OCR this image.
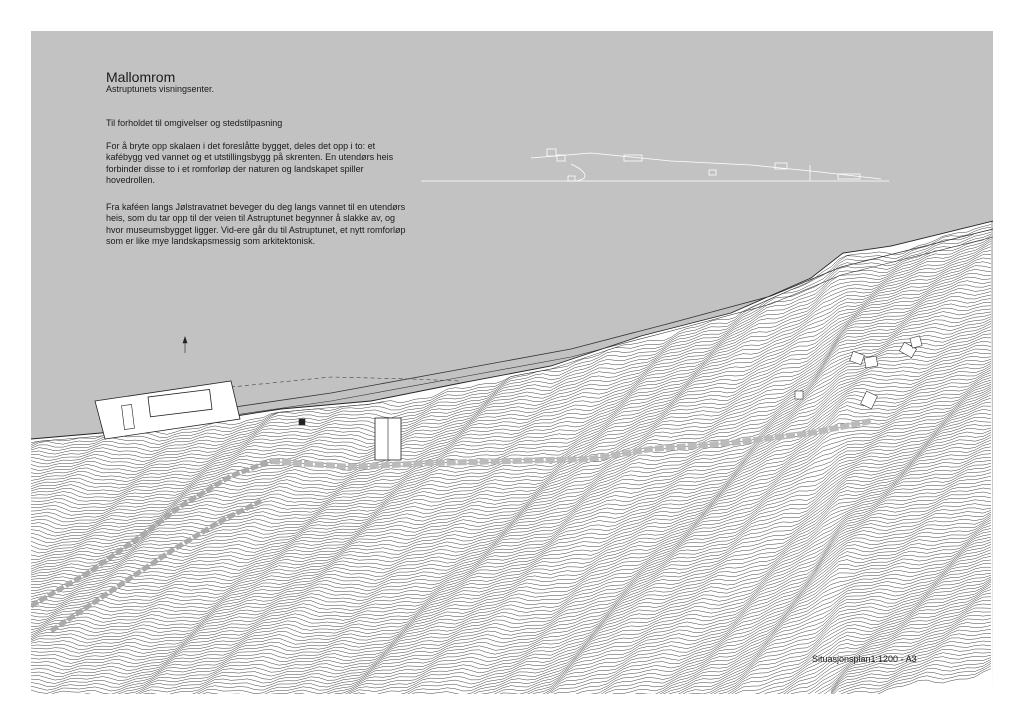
Mallomrom
Astruptunets visningsenter.
Til forholdet til omgivelser og stedstilpasning
For å bryte opp skalaen i det foreslåtte bygget, deles det opp i to: et kafébygg ved vannet og et utstillingsbygg på skrenten. En utendørs heis forbinder disse to i et romforløp der naturen og landskapet spiller hovedrollen.
Fra kaféen langs Jølstravatnet beveger du deg langs vannet til en utendørs heis, som du tar opp til der veien til Astruptunet begynner å slakke av, og hvor museumsbygget ligger. Vid-ere går du til Astruptunet, et nytt romforløp som er like mye landskapsmessig som arkitektonisk.
Situasjonsplan1:1200 - A3
